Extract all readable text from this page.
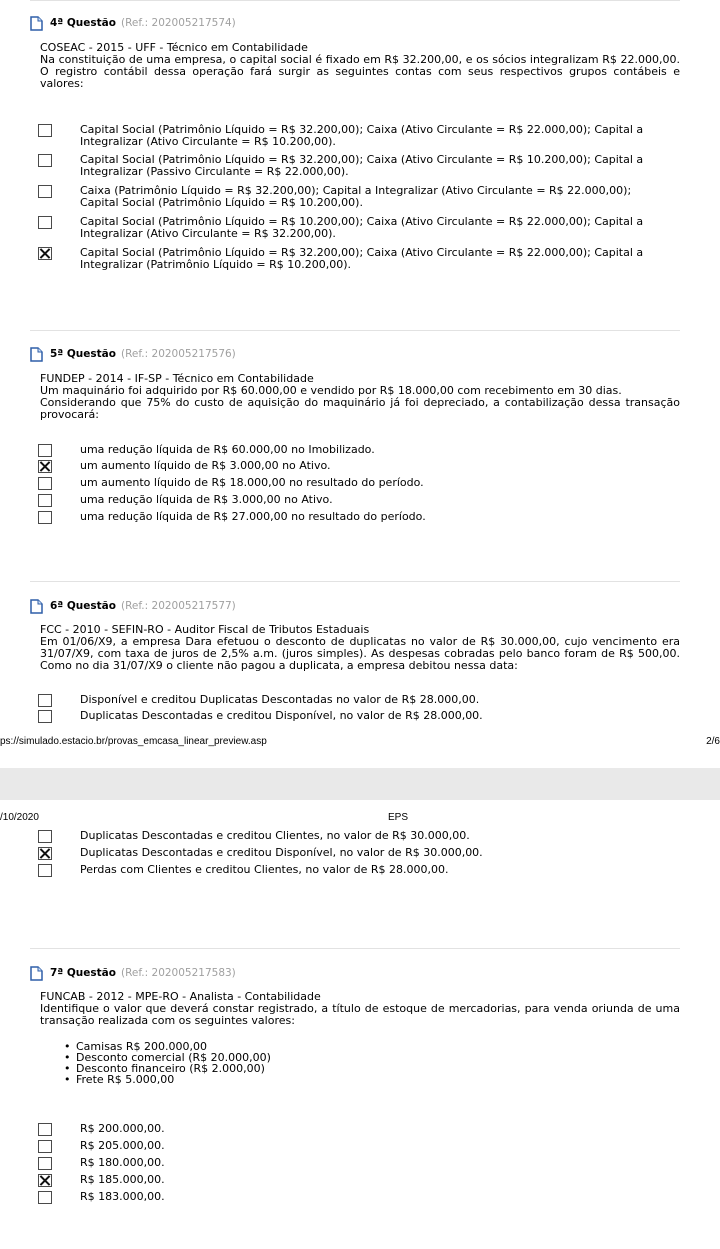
4ª Questão (Ref.: 202005217574)

COSEAC - 2015 - UFF - Técnico em Contabilidade

Na constituição de uma empresa, o capital social é fixado em R$ 32.200,00, e os sócios integralizam R$ 22.000,00. O registro contábil dessa operação fará surgir as seguintes contas com seus respectivos grupos contábeis e valores:

Capital Social (Patrimônio Líquido = R$ 32.200,00); Caixa (Ativo Circulante = R$ 22.000,00); Capital a Integralizar (Ativo Circulante = R$ 10.200,00).
Capital Social (Patrimônio Líquido = R$ 32.200,00); Caixa (Ativo Circulante = R$ 10.200,00); Capital a Integralizar (Passivo Circulante = R$ 22.000,00).
Caixa (Patrimônio Líquido = R$ 32.200,00); Capital a Integralizar (Ativo Circulante = R$ 22.000,00); Capital Social (Patrimônio Líquido = R$ 10.200,00).
Capital Social (Patrimônio Líquido = R$ 10.200,00); Caixa (Ativo Circulante = R$ 22.000,00); Capital a Integralizar (Ativo Circulante = R$ 32.200,00).
Capital Social (Patrimônio Líquido = R$ 32.200,00); Caixa (Ativo Circulante = R$ 22.000,00); Capital a Integralizar (Patrimônio Líquido = R$ 10.200,00).
5ª Questão (Ref.: 202005217576)

FUNDEP - 2014 - IF-SP - Técnico em Contabilidade

Um maquinário foi adquirido por R$ 60.000,00 e vendido por R$ 18.000,00 com recebimento em 30 dias.

Considerando que 75% do custo de aquisição do maquinário já foi depreciado, a contabilização dessa transação provocará:

uma redução líquida de R$ 60.000,00 no Imobilizado.
um aumento líquido de R$ 3.000,00 no Ativo.
um aumento líquido de R$ 18.000,00 no resultado do período.
uma redução líquida de R$ 3.000,00 no Ativo.
uma redução líquida de R$ 27.000,00 no resultado do período.
6ª Questão (Ref.: 202005217577)

FCC - 2010 - SEFIN-RO - Auditor Fiscal de Tributos Estaduais

Em 01/06/X9, a empresa Dara efetuou o desconto de duplicatas no valor de R$ 30.000,00, cujo vencimento era 31/07/X9, com taxa de juros de 2,5% a.m. (juros simples). As despesas cobradas pelo banco foram de R$ 500,00. Como no dia 31/07/X9 o cliente não pagou a duplicata, a empresa debitou nessa data:

Disponível e creditou Duplicatas Descontadas no valor de R$ 28.000,00.
Duplicatas Descontadas e creditou Disponível, no valor de R$ 28.000,00.
ps://simulado.estacio.br/provas_emcasa_linear_preview.asp	2/6
/10/2020	EPS
Duplicatas Descontadas e creditou Clientes, no valor de R$ 30.000,00.
Duplicatas Descontadas e creditou Disponível, no valor de R$ 30.000,00.
Perdas com Clientes e creditou Clientes, no valor de R$ 28.000,00.
7ª Questão (Ref.: 202005217583)

FUNCAB - 2012 - MPE-RO - Analista - Contabilidade

Identifique o valor que deverá constar registrado, a título de estoque de mercadorias, para venda oriunda de uma transação realizada com os seguintes valores:

• Camisas R$ 200.000,00
• Desconto comercial (R$ 20.000,00)
• Desconto financeiro (R$ 2.000,00)
• Frete R$ 5.000,00
R$ 200.000,00.
R$ 205.000,00.
R$ 180.000,00.
R$ 185.000,00.
R$ 183.000,00.
